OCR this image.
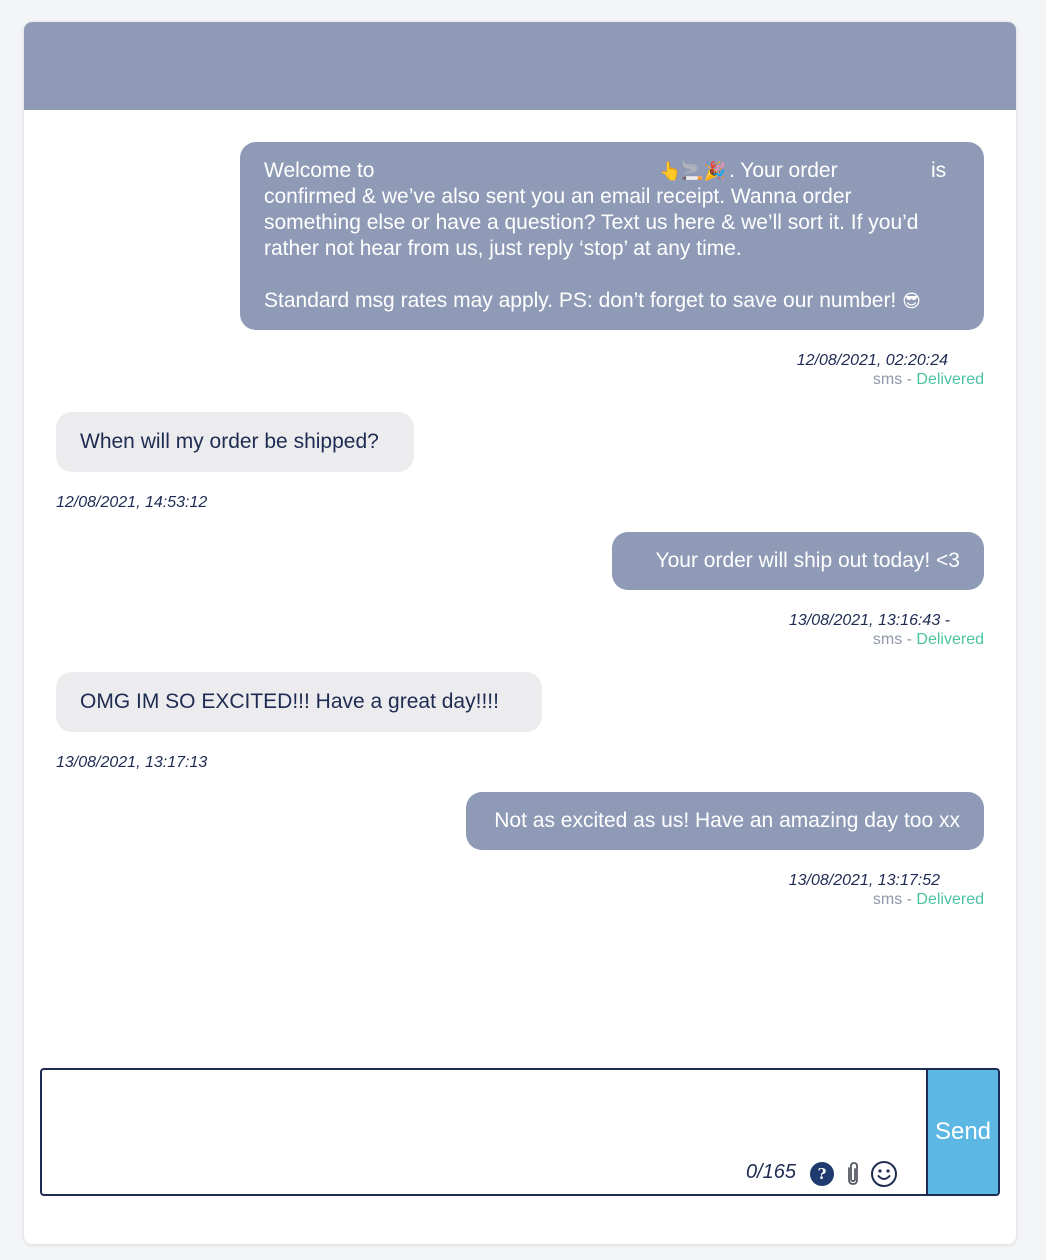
Welcome to	👆🚬🎉 . Your order	is
confirmed & we’ve also sent you an email receipt. Wanna order
something else or have a question? Text us here & we’ll sort it. If you’d
rather not hear from us, just reply ‘stop’ at any time.
Standard msg rates may apply. PS: don’t forget to save our number! 😎
12/08/2021, 02:20:24
sms - Delivered
When will my order be shipped?
12/08/2021, 14:53:12
Your order will ship out today! <3
13/08/2021, 13:16:43 -
sms - Delivered
OMG IM SO EXCITED!!! Have a great day!!!!
13/08/2021, 13:17:13
Not as excited as us! Have an amazing day too xx
13/08/2021, 13:17:52
sms - Delivered
0/165	?
Send
